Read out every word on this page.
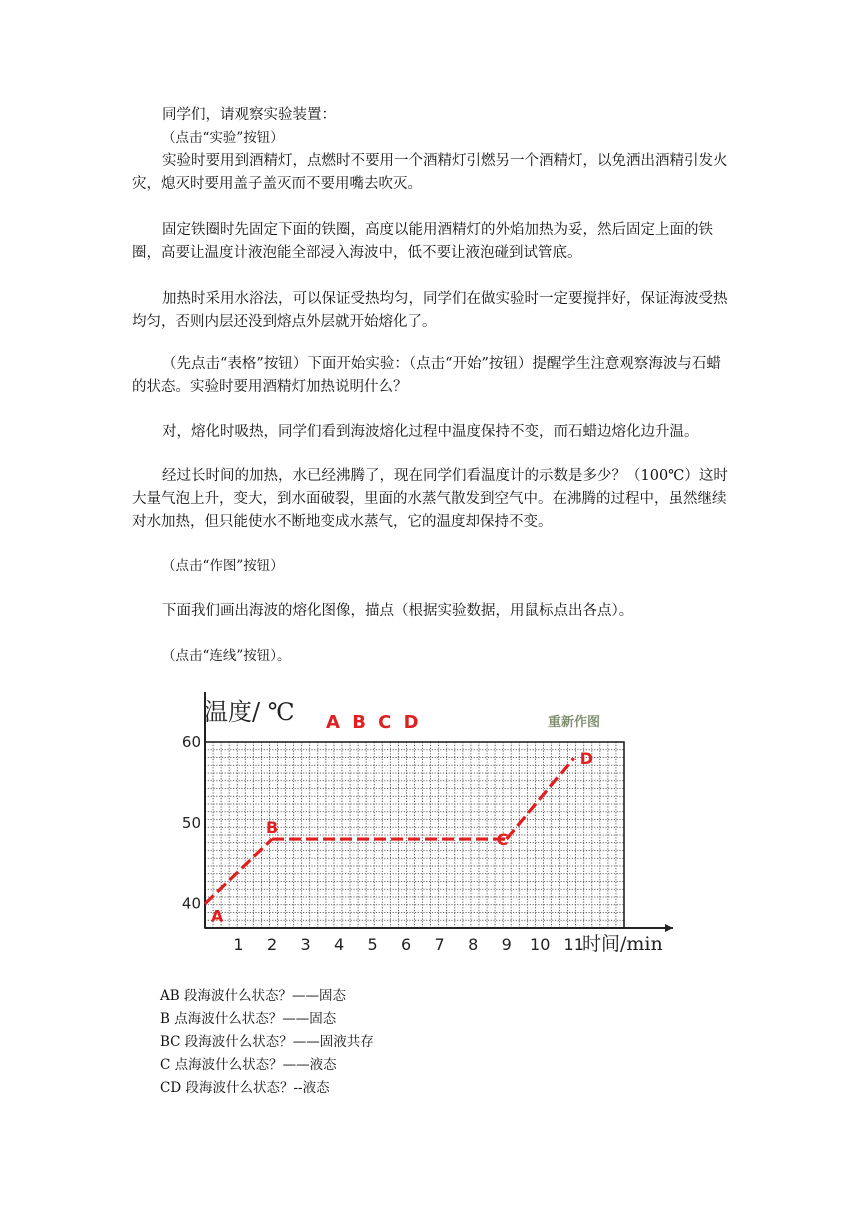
同学们，请观察实验装置：
（点击“实验”按钮）
实验时要用到酒精灯，点燃时不要用一个酒精灯引燃另一个酒精灯，以免洒出酒精引发火灾，熄灭时要用盖子盖灭而不要用嘴去吹灭。
固定铁圈时先固定下面的铁圈，高度以能用酒精灯的外焰加热为妥，然后固定上面的铁圈，高要让温度计液泡能全部浸入海波中，低不要让液泡碰到试管底。
加热时采用水浴法，可以保证受热均匀，同学们在做实验时一定要搅拌好，保证海波受热均匀，否则内层还没到熔点外层就开始熔化了。
（先点击“表格”按钮）下面开始实验：（点击“开始”按钮）提醒学生注意观察海波与石蜡的状态。实验时要用酒精灯加热说明什么？
对，熔化时吸热，同学们看到海波熔化过程中温度保持不变，而石蜡边熔化边升温。
经过长时间的加热，水已经沸腾了，现在同学们看温度计的示数是多少？（100℃）这时大量气泡上升，变大，到水面破裂，里面的水蒸气散发到空气中。在沸腾的过程中，虽然继续对水加热，但只能使水不断地变成水蒸气，它的温度却保持不变。
（点击“作图”按钮）
下面我们画出海波的熔化图像，描点（根据实验数据，用鼠标点出各点）。
（点击“连线”按钮）。
温度/ ℃ A B C D	重新作图
时间/min
1 2 3 4 5 6 7 8 9 10 11
40
50
60
A
B
C
D
AB 段海波什么状态？——固态
B 点海波什么状态？——固态
BC 段海波什么状态？——固液共存
C 点海波什么状态？——液态
CD 段海波什么状态？--液态
